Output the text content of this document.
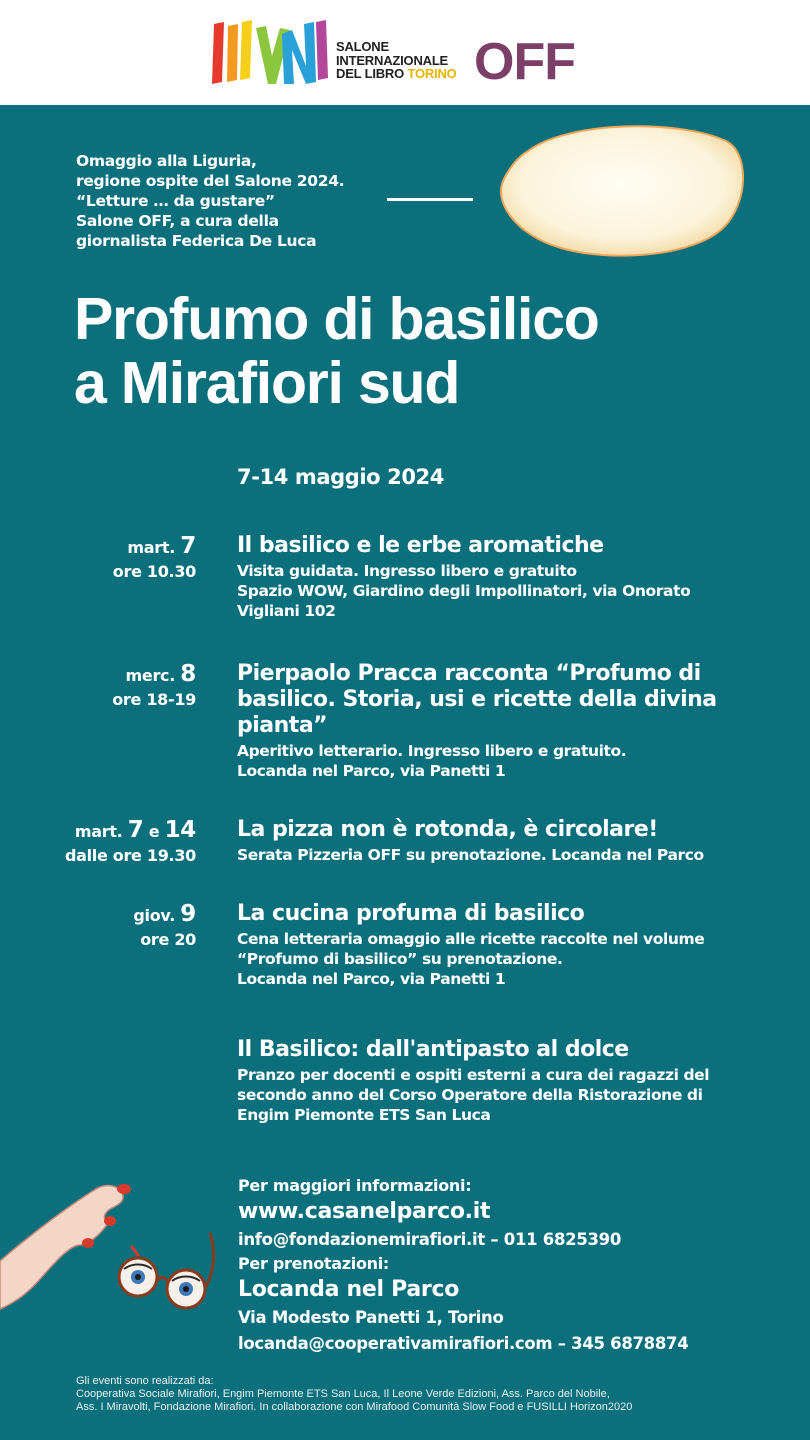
SALONE
INTERNAZIONALE
DEL LIBRO TORINO OFF
Omaggio alla Liguria,
regione ospite del Salone 2024.
“Letture … da gustare”
Salone OFF, a cura della
giornalista Federica De Luca
Profumo di basilico
a Mirafiori sud
7-14 maggio 2024
mart. 7
ore 10.30
Il basilico e le erbe aromatiche
Visita guidata. Ingresso libero e gratuito
Spazio WOW, Giardino degli Impollinatori, via Onorato
Vigliani 102
merc. 8
ore 18-19
Pierpaolo Pracca racconta “Profumo di
basilico. Storia, usi e ricette della divina
pianta”
Aperitivo letterario. Ingresso libero e gratuito.
Locanda nel Parco, via Panetti 1
mart. 7 e 14
dalle ore 19.30
La pizza non è rotonda, è circolare!
Serata Pizzeria OFF su prenotazione. Locanda nel Parco
giov. 9
ore 20
La cucina profuma di basilico
Cena letteraria omaggio alle ricette raccolte nel volume
“Profumo di basilico” su prenotazione.
Locanda nel Parco, via Panetti 1
Il Basilico: dall'antipasto al dolce
Pranzo per docenti e ospiti esterni a cura dei ragazzi del
secondo anno del Corso Operatore della Ristorazione di
Engim Piemonte ETS San Luca
Per maggiori informazioni:
www.casanelparco.it
info@fondazionemirafiori.it – 011 6825390
Per prenotazioni:
Locanda nel Parco
Via Modesto Panetti 1, Torino
locanda@cooperativamirafiori.com – 345 6878874
Gli eventi sono realizzati da:
Cooperativa Sociale Mirafiori, Engim Piemonte ETS San Luca, Il Leone Verde Edizioni, Ass. Parco del Nobile,
Ass. I Miravolti, Fondazione Mirafiori. In collaborazione con Mirafood Comunità Slow Food e FUSILLI Horizon2020
